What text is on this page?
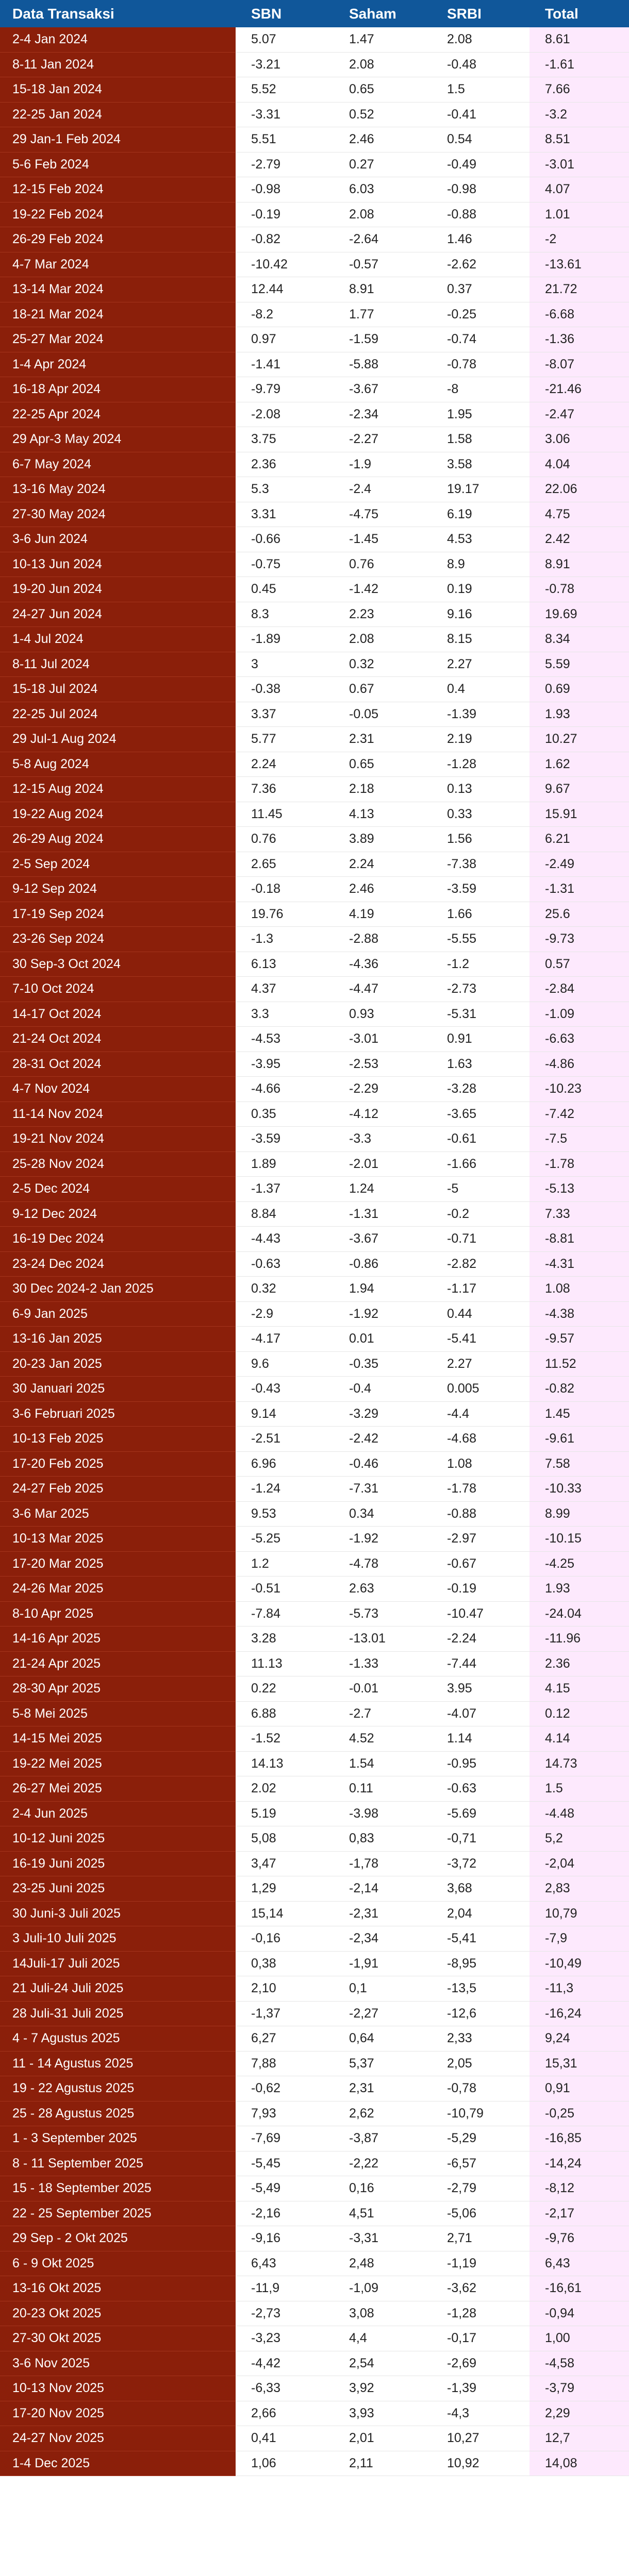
Data Transaksi	SBN	Saham	SRBI	Total
2-4 Jan 2024	5.07	1.47	2.08	8.61
8-11 Jan 2024	-3.21	2.08	-0.48	-1.61
15-18 Jan 2024	5.52	0.65	1.5	7.66
22-25 Jan 2024	-3.31	0.52	-0.41	-3.2
29 Jan-1 Feb 2024	5.51	2.46	0.54	8.51
5-6 Feb 2024	-2.79	0.27	-0.49	-3.01
12-15 Feb 2024	-0.98	6.03	-0.98	4.07
19-22 Feb 2024	-0.19	2.08	-0.88	1.01
26-29 Feb 2024	-0.82	-2.64	1.46	-2
4-7 Mar 2024	-10.42	-0.57	-2.62	-13.61
13-14 Mar 2024	12.44	8.91	0.37	21.72
18-21 Mar 2024	-8.2	1.77	-0.25	-6.68
25-27 Mar 2024	0.97	-1.59	-0.74	-1.36
1-4 Apr 2024	-1.41	-5.88	-0.78	-8.07
16-18 Apr 2024	-9.79	-3.67	-8	-21.46
22-25 Apr 2024	-2.08	-2.34	1.95	-2.47
29 Apr-3 May 2024	3.75	-2.27	1.58	3.06
6-7 May 2024	2.36	-1.9	3.58	4.04
13-16 May 2024	5.3	-2.4	19.17	22.06
27-30 May 2024	3.31	-4.75	6.19	4.75
3-6 Jun 2024	-0.66	-1.45	4.53	2.42
10-13 Jun 2024	-0.75	0.76	8.9	8.91
19-20 Jun 2024	0.45	-1.42	0.19	-0.78
24-27 Jun 2024	8.3	2.23	9.16	19.69
1-4 Jul 2024	-1.89	2.08	8.15	8.34
8-11 Jul 2024	3	0.32	2.27	5.59
15-18 Jul 2024	-0.38	0.67	0.4	0.69
22-25 Jul 2024	3.37	-0.05	-1.39	1.93
29 Jul-1 Aug 2024	5.77	2.31	2.19	10.27
5-8 Aug 2024	2.24	0.65	-1.28	1.62
12-15 Aug 2024	7.36	2.18	0.13	9.67
19-22 Aug 2024	11.45	4.13	0.33	15.91
26-29 Aug 2024	0.76	3.89	1.56	6.21
2-5 Sep 2024	2.65	2.24	-7.38	-2.49
9-12 Sep 2024	-0.18	2.46	-3.59	-1.31
17-19 Sep 2024	19.76	4.19	1.66	25.6
23-26 Sep 2024	-1.3	-2.88	-5.55	-9.73
30 Sep-3 Oct 2024	6.13	-4.36	-1.2	0.57
7-10 Oct 2024	4.37	-4.47	-2.73	-2.84
14-17 Oct 2024	3.3	0.93	-5.31	-1.09
21-24 Oct 2024	-4.53	-3.01	0.91	-6.63
28-31 Oct 2024	-3.95	-2.53	1.63	-4.86
4-7 Nov 2024	-4.66	-2.29	-3.28	-10.23
11-14 Nov 2024	0.35	-4.12	-3.65	-7.42
19-21 Nov 2024	-3.59	-3.3	-0.61	-7.5
25-28 Nov 2024	1.89	-2.01	-1.66	-1.78
2-5 Dec 2024	-1.37	1.24	-5	-5.13
9-12 Dec 2024	8.84	-1.31	-0.2	7.33
16-19 Dec 2024	-4.43	-3.67	-0.71	-8.81
23-24 Dec 2024	-0.63	-0.86	-2.82	-4.31
30 Dec 2024-2 Jan 2025	0.32	1.94	-1.17	1.08
6-9 Jan 2025	-2.9	-1.92	0.44	-4.38
13-16 Jan 2025	-4.17	0.01	-5.41	-9.57
20-23 Jan 2025	9.6	-0.35	2.27	11.52
30 Januari 2025	-0.43	-0.4	0.005	-0.82
3-6 Februari 2025	9.14	-3.29	-4.4	1.45
10-13 Feb 2025	-2.51	-2.42	-4.68	-9.61
17-20 Feb 2025	6.96	-0.46	1.08	7.58
24-27 Feb 2025	-1.24	-7.31	-1.78	-10.33
3-6 Mar 2025	9.53	0.34	-0.88	8.99
10-13 Mar 2025	-5.25	-1.92	-2.97	-10.15
17-20 Mar 2025	1.2	-4.78	-0.67	-4.25
24-26 Mar 2025	-0.51	2.63	-0.19	1.93
8-10 Apr 2025	-7.84	-5.73	-10.47	-24.04
14-16 Apr 2025	3.28	-13.01	-2.24	-11.96
21-24 Apr 2025	11.13	-1.33	-7.44	2.36
28-30 Apr 2025	0.22	-0.01	3.95	4.15
5-8 Mei 2025	6.88	-2.7	-4.07	0.12
14-15 Mei 2025	-1.52	4.52	1.14	4.14
19-22 Mei 2025	14.13	1.54	-0.95	14.73
26-27 Mei 2025	2.02	0.11	-0.63	1.5
2-4 Jun 2025	5.19	-3.98	-5.69	-4.48
10-12 Juni 2025	5,08	0,83	-0,71	5,2
16-19 Juni 2025	3,47	-1,78	-3,72	-2,04
23-25 Juni 2025	1,29	-2,14	3,68	2,83
30 Juni-3 Juli 2025	15,14	-2,31	2,04	10,79
3 Juli-10 Juli 2025	-0,16	-2,34	-5,41	-7,9
14Juli-17 Juli 2025	0,38	-1,91	-8,95	-10,49
21 Juli-24 Juli 2025	2,10	0,1	-13,5	-11,3
28 Juli-31 Juli 2025	-1,37	-2,27	-12,6	-16,24
4 - 7 Agustus 2025	6,27	0,64	2,33	9,24
11 - 14 Agustus 2025	7,88	5,37	2,05	15,31
19 - 22 Agustus 2025	-0,62	2,31	-0,78	0,91
25 - 28 Agustus 2025	7,93	2,62	-10,79	-0,25
1 - 3 September 2025	-7,69	-3,87	-5,29	-16,85
8 - 11 September 2025	-5,45	-2,22	-6,57	-14,24
15 - 18 September 2025	-5,49	0,16	-2,79	-8,12
22 - 25 September 2025	-2,16	4,51	-5,06	-2,17
29 Sep - 2 Okt 2025	-9,16	-3,31	2,71	-9,76
6 - 9 Okt 2025	6,43	2,48	-1,19	6,43
13-16 Okt 2025	-11,9	-1,09	-3,62	-16,61
20-23 Okt 2025	-2,73	3,08	-1,28	-0,94
27-30 Okt 2025	-3,23	4,4	-0,17	1,00
3-6 Nov 2025	-4,42	2,54	-2,69	-4,58
10-13 Nov 2025	-6,33	3,92	-1,39	-3,79
17-20 Nov 2025	2,66	3,93	-4,3	2,29
24-27 Nov 2025	0,41	2,01	10,27	12,7
1-4 Dec 2025	1,06	2,11	10,92	14,08
